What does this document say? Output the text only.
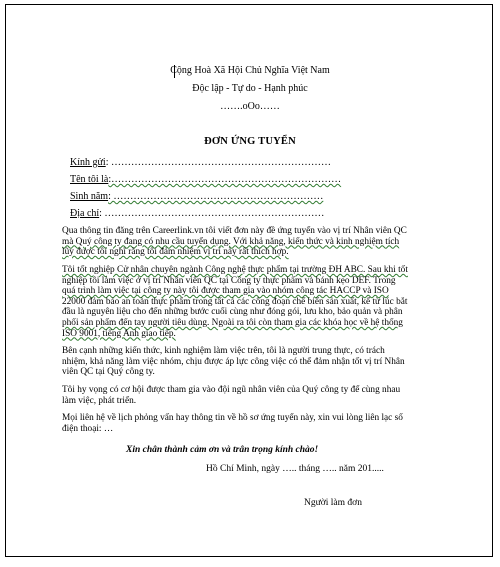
Cộng Hoà Xã Hội Chủ Nghĩa Việt Nam
Độc lập - Tự do - Hạnh phúc
…….oOo……
ĐƠN ỨNG TUYỂN
Kính gửi: …………………………………………………………
Tên tôi là:……………………………………………………………
Sinh năm: ………………………………………………………
Địa chỉ: …………………………………………………………
Qua thông tin đăng trên Careerlink.vn tôi viết đơn này đề ứng tuyển vào vị trí Nhân viên QC
mà Quý công ty đang có nhu cầu tuyển dụng. Với khả năng, kiến thức và kinh nghiệm tích
lũy được tôi nghĩ rằng tôi đảm nhiệm vị trí này rất thích hợp.
Tôi tốt nghiệp Cử nhân chuyên ngành Công nghệ thực phẩm tại trường ĐH ABC. Sau khi tốt
nghiệp tôi làm việc ở vị trí Nhân viên QC tại Công ty thực phẩm và bánh kẹo DEF. Trong
quá trình làm việc tại công ty này tôi được tham gia vào nhóm công tác HACCP và ISO
22000 đảm bảo an toàn thực phẩm trong tất cả các công đoạn chế biến sản xuất, kể từ lúc bắt
đầu là nguyên liệu cho đến những bước cuối cùng như đóng gói, lưu kho, bảo quản và phân
phối sản phẩm đến tay người tiêu dùng. Ngoài ra tôi còn tham gia các khóa học về hệ thống
ISO 9001, tiếng Anh giao tiếp.
Bên cạnh những kiến thức, kinh nghiệm làm việc trên, tôi là người trung thực, có trách
nhiệm, khả năng làm việc nhóm, chịu được áp lực công việc có thể đảm nhận tốt vị trí Nhân
viên QC tại Quý công ty.
Tôi hy vọng có cơ hội được tham gia vào đội ngũ nhân viên của Quý công ty để cùng nhau
làm việc, phát triển.
Mọi liên hệ về lịch phỏng vấn hay thông tin về hồ sơ ứng tuyển này, xin vui lòng liên lạc số
điện thoại: …
Xin chân thành cảm ơn và trân trọng kính chào!
Hồ Chí Minh, ngày ….. tháng ….. năm 201.....
Người làm đơn
